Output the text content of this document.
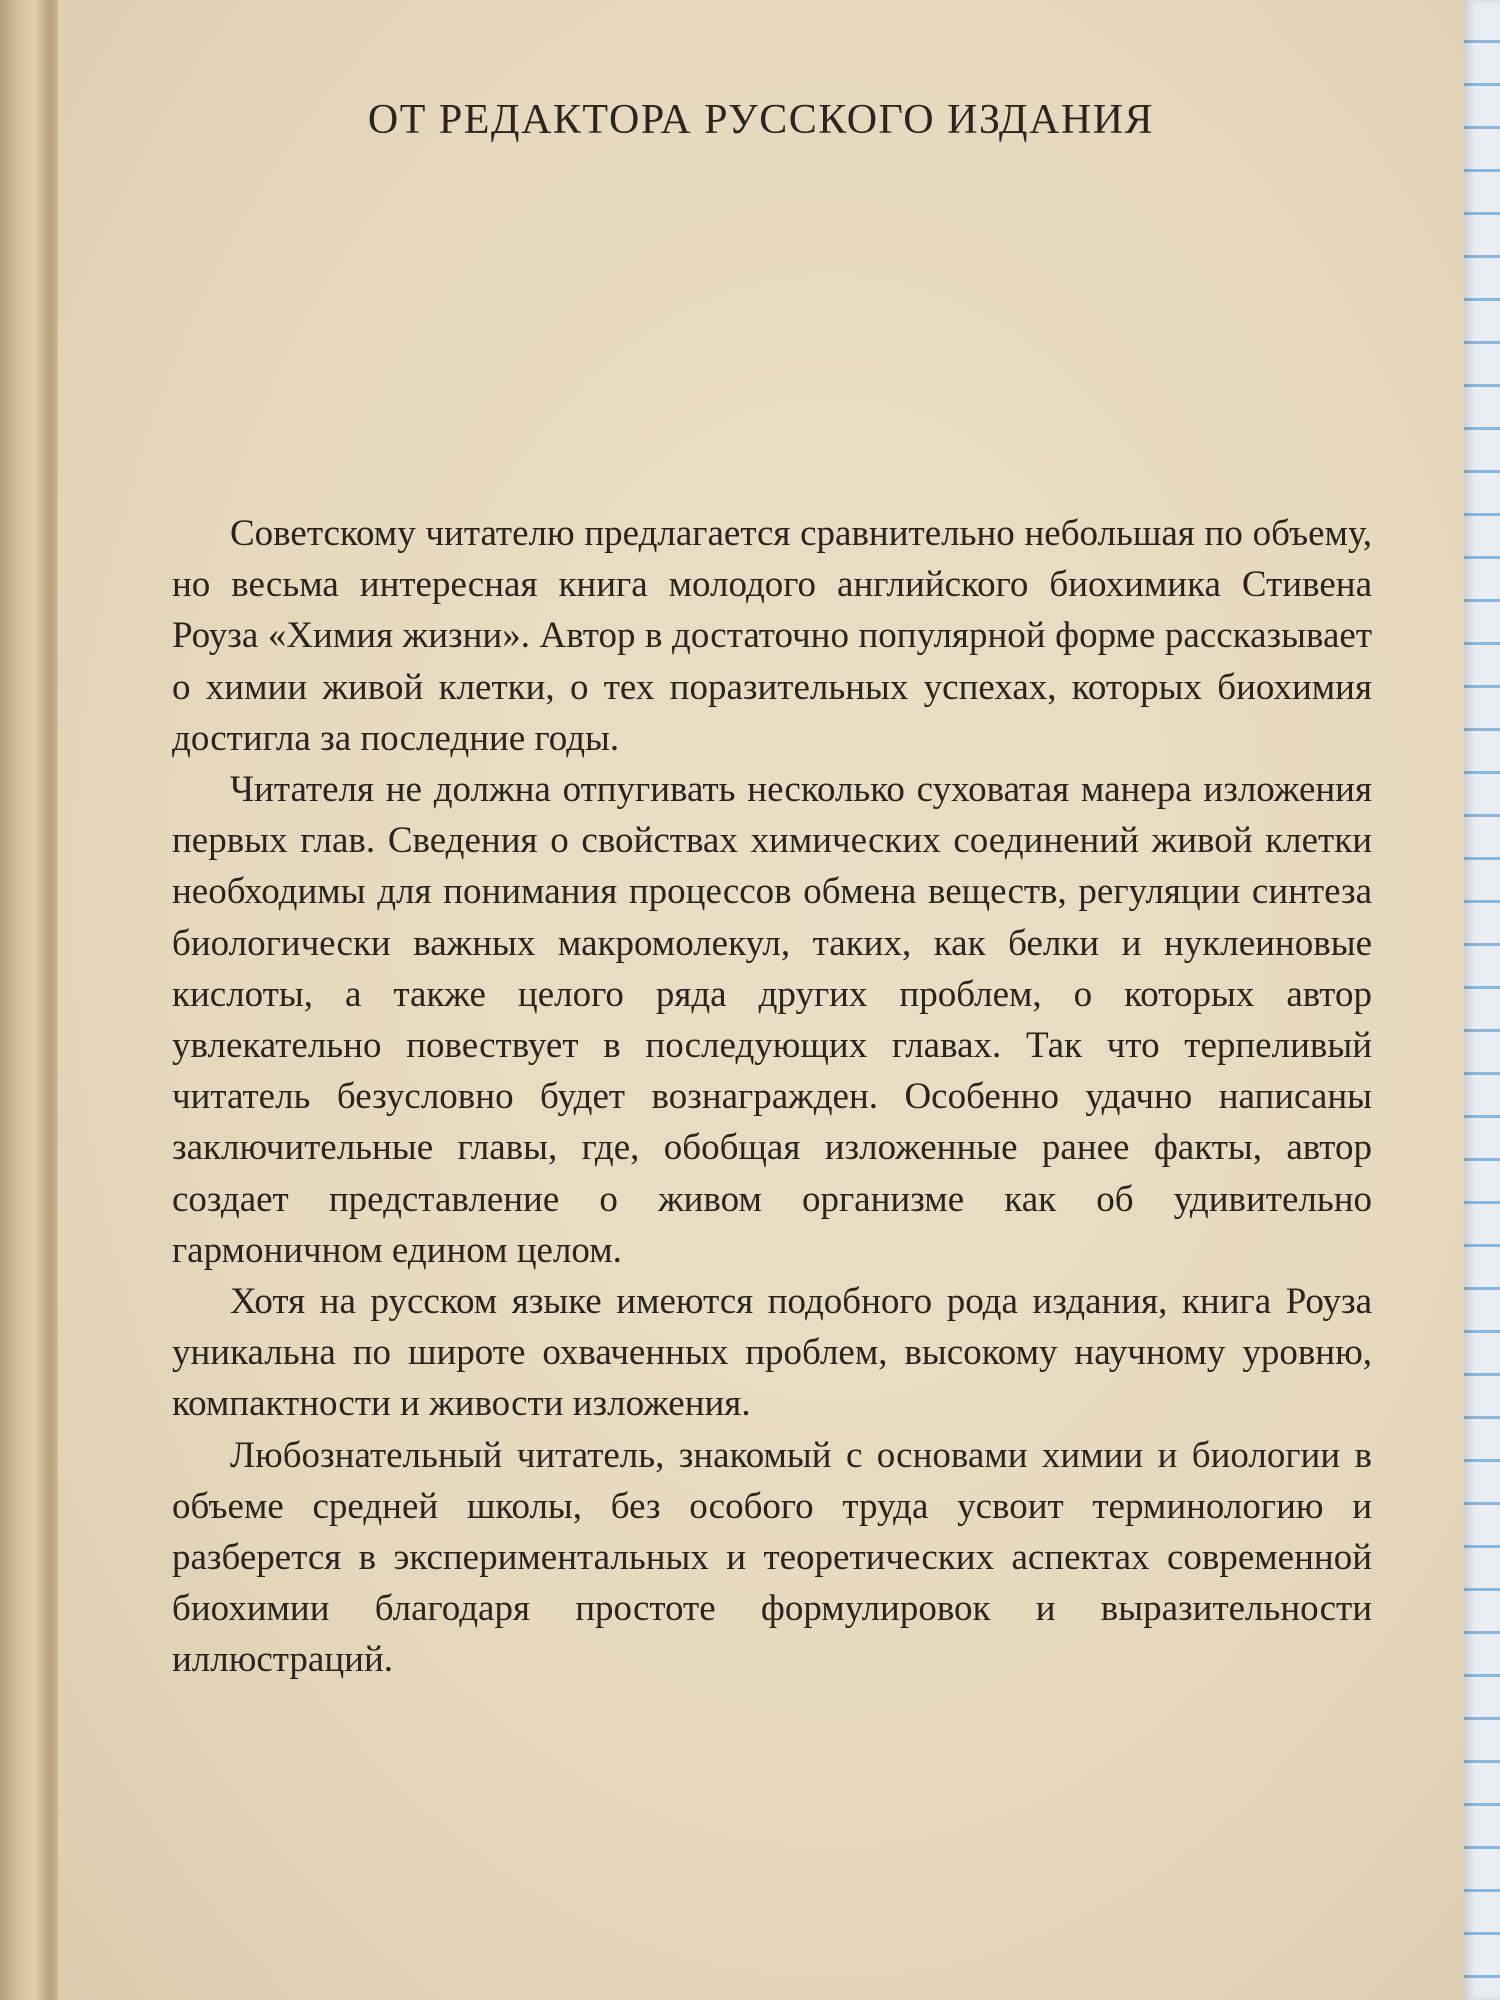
ОТ РЕДАКТОРА РУССКОГО ИЗДАНИЯ

Советскому читателю предлагается сравнительно небольшая по объему, но весьма интересная книга молодого английского биохимика Стивена Роуза «Химия жизни». Автор в достаточно популярной форме рассказывает о химии живой клетки, о тех поразительных успехах, которых биохимия достигла за последние годы.

Читателя не должна отпугивать несколько суховатая манера изложения первых глав. Сведения о свойствах химических соединений живой клетки необходимы для понимания процессов обмена веществ, регуляции синтеза биологически важных макромолекул, таких, как белки и нуклеиновые кислоты, а также целого ряда других проблем, о которых автор увлекательно повествует в последующих главах. Так что терпеливый читатель безусловно будет вознагражден. Особенно удачно написаны заключительные главы, где, обобщая изложенные ранее факты, автор создает представление о живом организме как об удивительно гармоничном едином целом.

Хотя на русском языке имеются подобного рода издания, книга Роуза уникальна по широте охваченных проблем, высокому научному уровню, компактности и живости изложения.

Любознательный читатель, знакомый с основами химии и биологии в объеме средней школы, без особого труда усвоит терминологию и разберется в экспериментальных и теоретических аспектах современной биохимии благодаря простоте формулировок и выразительности иллюстраций.
